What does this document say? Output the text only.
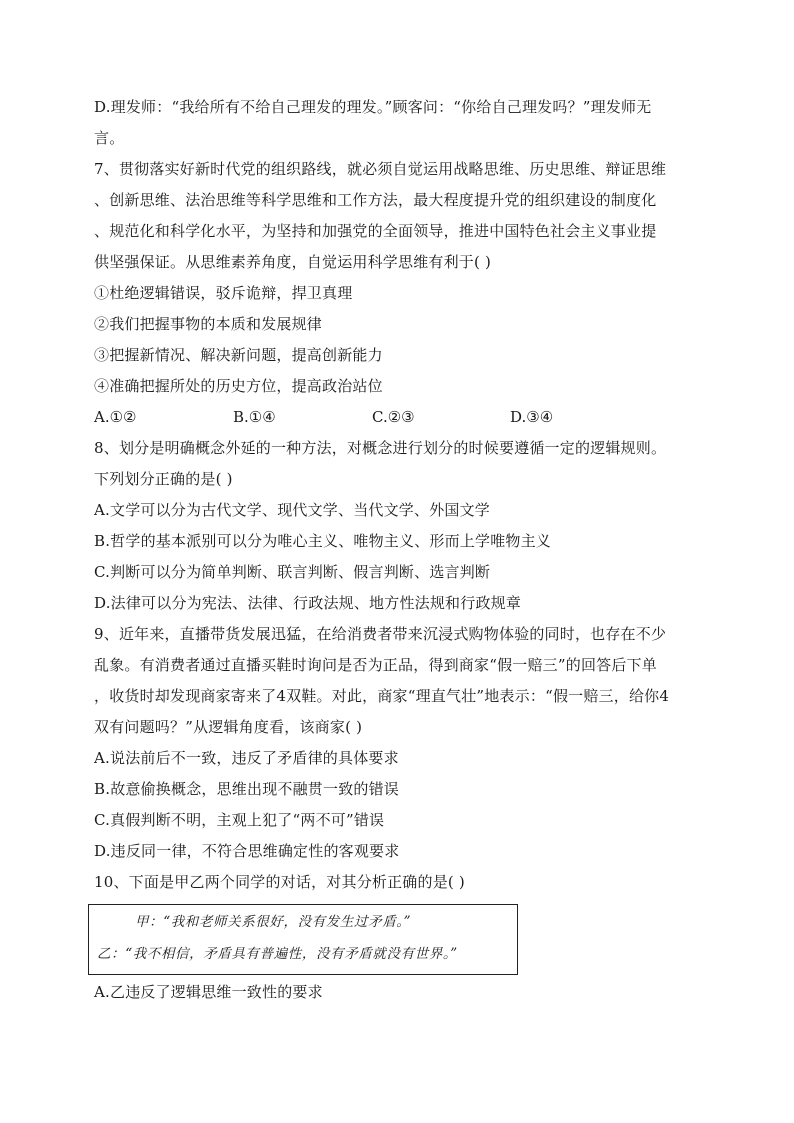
D.理发师：“我给所有不给自己理发的理发。”顾客问：“你给自己理发吗？”理发师无
言。
7、贯彻落实好新时代党的组织路线，就必须自觉运用战略思维、历史思维、辩证思维
、创新思维、法治思维等科学思维和工作方法，最大程度提升党的组织建设的制度化
、规范化和科学化水平，为坚持和加强党的全面领导，推进中国特色社会主义事业提
供坚强保证。从思维素养角度，自觉运用科学思维有利于( )
①杜绝逻辑错误，驳斥诡辩，捍卫真理
②我们把握事物的本质和发展规律
③把握新情况、解决新问题，提高创新能力
④准确把握所处的历史方位，提高政治站位
A.①②	B.①④	C.②③	D.③④
8、划分是明确概念外延的一种方法，对概念进行划分的时候要遵循一定的逻辑规则。
下列划分正确的是( )
A.文学可以分为古代文学、现代文学、当代文学、外国文学
B.哲学的基本派别可以分为唯心主义、唯物主义、形而上学唯物主义
C.判断可以分为简单判断、联言判断、假言判断、选言判断
D.法律可以分为宪法、法律、行政法规、地方性法规和行政规章
9、近年来，直播带货发展迅猛，在给消费者带来沉浸式购物体验的同时，也存在不少
乱象。有消费者通过直播买鞋时询问是否为正品，得到商家“假一赔三”的回答后下单
，收货时却发现商家寄来了4双鞋。对此，商家“理直气壮”地表示：“假一赔三，给你4
双有问题吗？”从逻辑角度看，该商家( )
A.说法前后不一致，违反了矛盾律的具体要求
B.故意偷换概念，思维出现不融贯一致的错误
C.真假判断不明，主观上犯了“两不可”错误
D.违反同一律，不符合思维确定性的客观要求
10、下面是甲乙两个同学的对话，对其分析正确的是( )
甲：“我和老师关系很好，没有发生过矛盾。”
乙：“我不相信，矛盾具有普遍性，没有矛盾就没有世界。”
A.乙违反了逻辑思维一致性的要求
